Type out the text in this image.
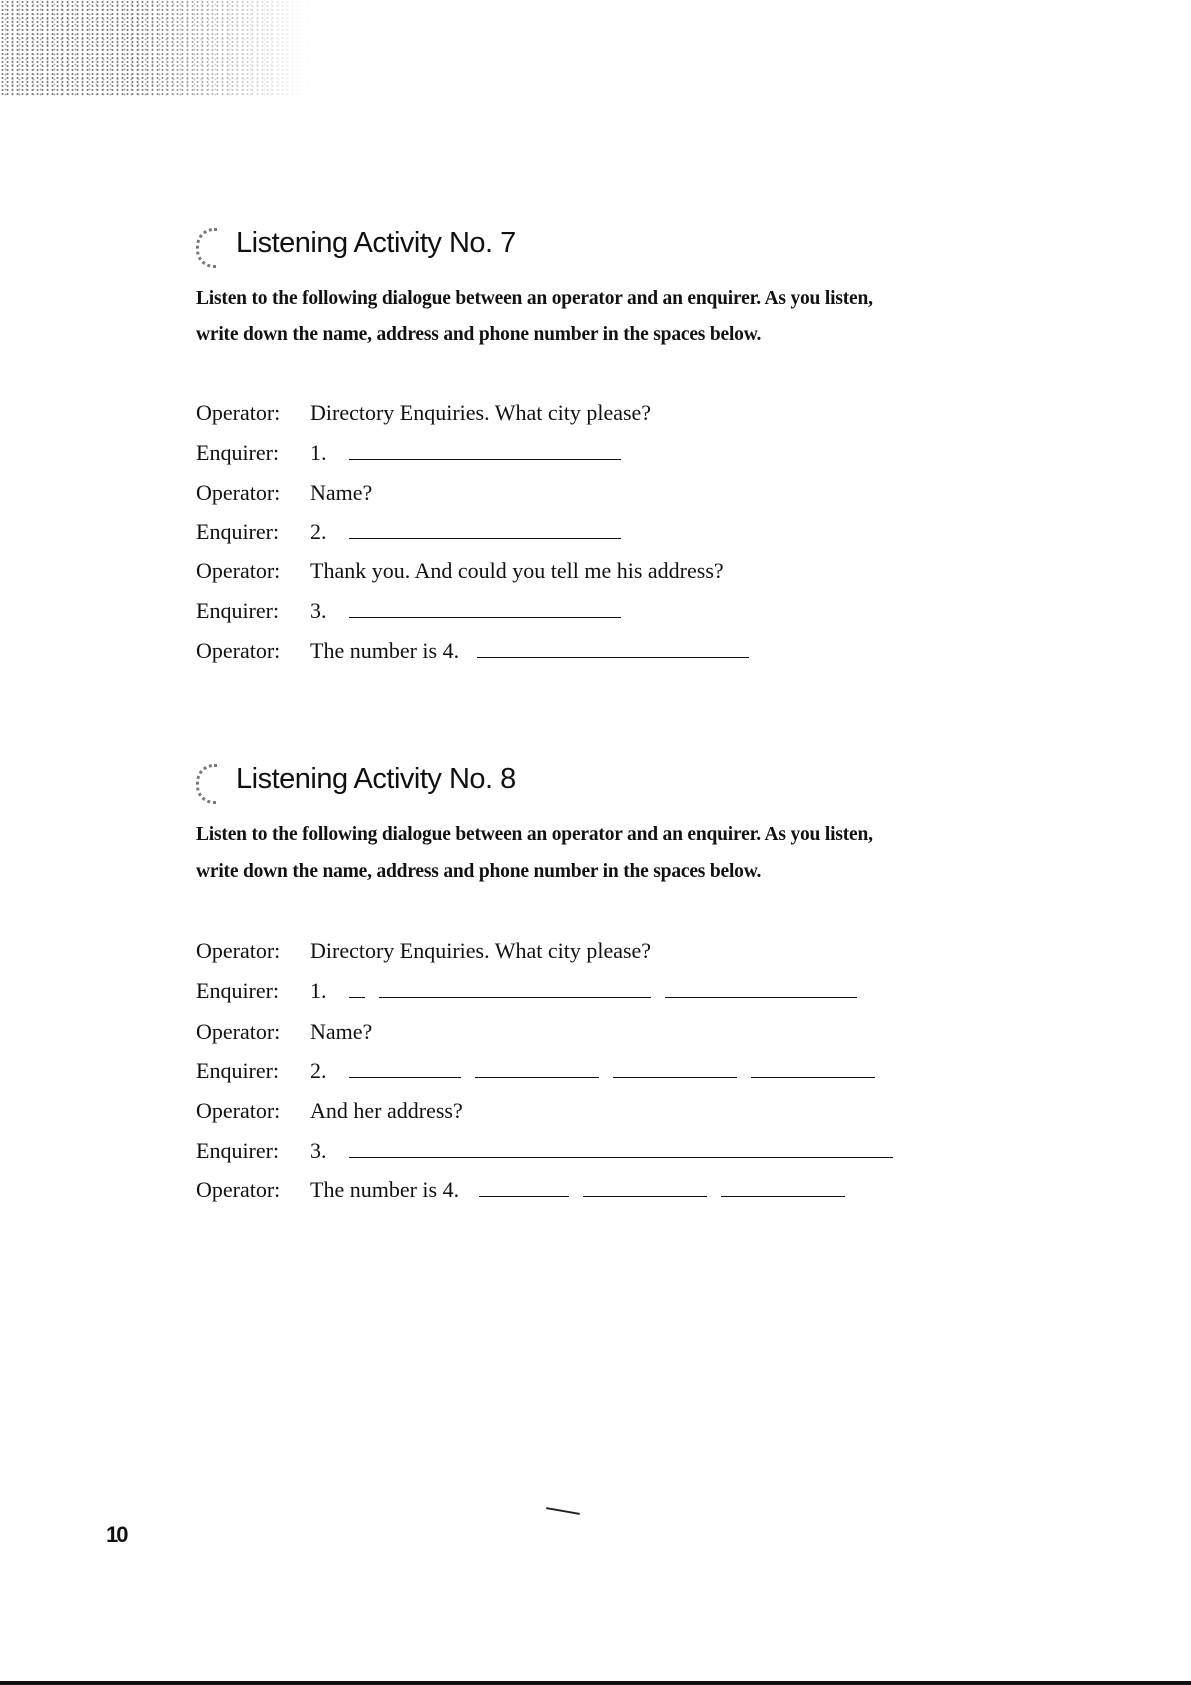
Listening Activity No. 7
Listen to the following dialogue between an operator and an enquirer. As you listen,
write down the name, address and phone number in the spaces below.
Operator: Directory Enquiries. What city please?
Enquirer: 1.
Operator: Name?
Enquirer: 2.
Operator: Thank you. And could you tell me his address?
Enquirer: 3.
Operator: The number is 4.
Listening Activity No. 8
Listen to the following dialogue between an operator and an enquirer. As you listen,
write down the name, address and phone number in the spaces below.
Operator: Directory Enquiries. What city please?
Enquirer: 1.
Operator: Name?
Enquirer: 2.
Operator: And her address?
Enquirer: 3.
Operator: The number is 4.
10
